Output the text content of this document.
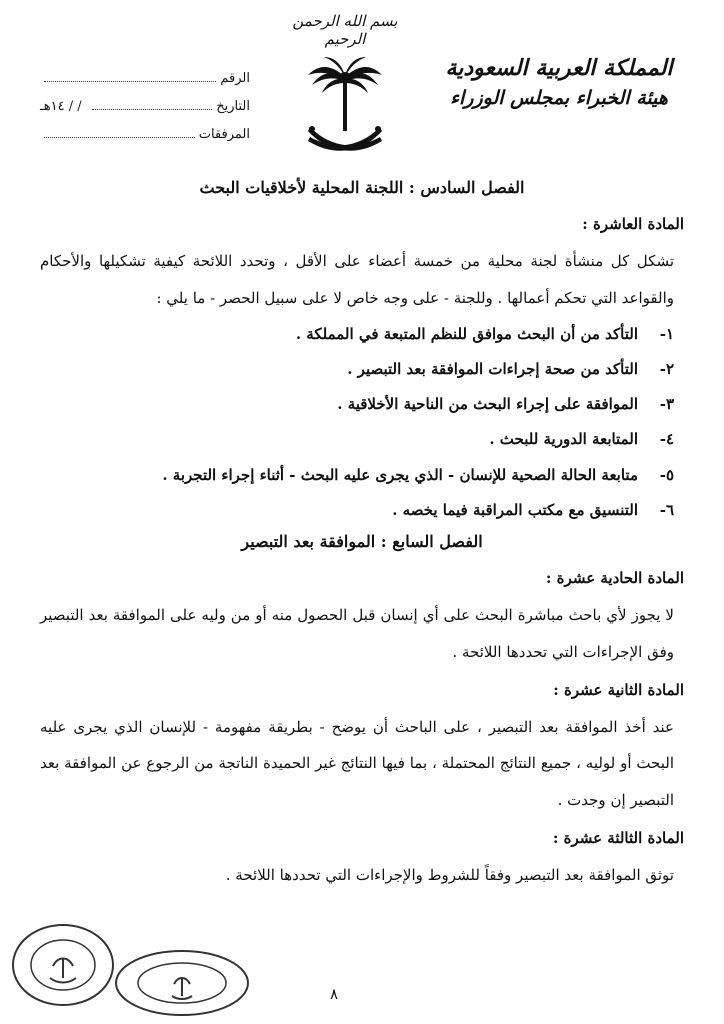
بسم الله الرحمن الرحيم
المملكة العربية السعودية
هيئة الخبراء بمجلس الوزراء
الرقم
التاريخ
/ / ١٤هـ
المرفقات
الفصل السادس : اللجنة المحلية لأخلاقيات البحث
المادة العاشرة :
تشكل كل منشأة لجنة محلية من خمسة أعضاء على الأقل ، وتحدد اللائحة كيفية تشكيلها والأحكام والقواعد التي تحكم أعمالها . وللجنة - على وجه خاص لا على سبيل الحصر - ما يلي :
١-
التأكد من أن البحث موافق للنظم المتبعة في المملكة .
٢-
التأكد من صحة إجراءات الموافقة بعد التبصير .
٣-
الموافقة على إجراء البحث من الناحية الأخلاقية .
٤-
المتابعة الدورية للبحث .
٥-
متابعة الحالة الصحية للإنسان - الذي يجرى عليه البحث - أثناء إجراء التجربة .
٦-
التنسيق مع مكتب المراقبة فيما يخصه .
الفصل السابع : الموافقة بعد التبصير
المادة الحادية عشرة :
لا يجوز لأي باحث مباشرة البحث على أي إنسان قبل الحصول منه أو من وليه على الموافقة بعد التبصير وفق الإجراءات التي تحددها اللائحة .
المادة الثانية عشرة :
عند أخذ الموافقة بعد التبصير ، على الباحث أن يوضح - بطريقة مفهومة - للإنسان الذي يجرى عليه البحث أو لوليه ، جميع النتائج المحتملة ، بما فيها النتائج غير الحميدة الناتجة من الرجوع عن الموافقة بعد التبصير إن وجدت .
المادة الثالثة عشرة :
توثق الموافقة بعد التبصير وفقاً للشروط والإجراءات التي تحددها اللائحة .
٨
